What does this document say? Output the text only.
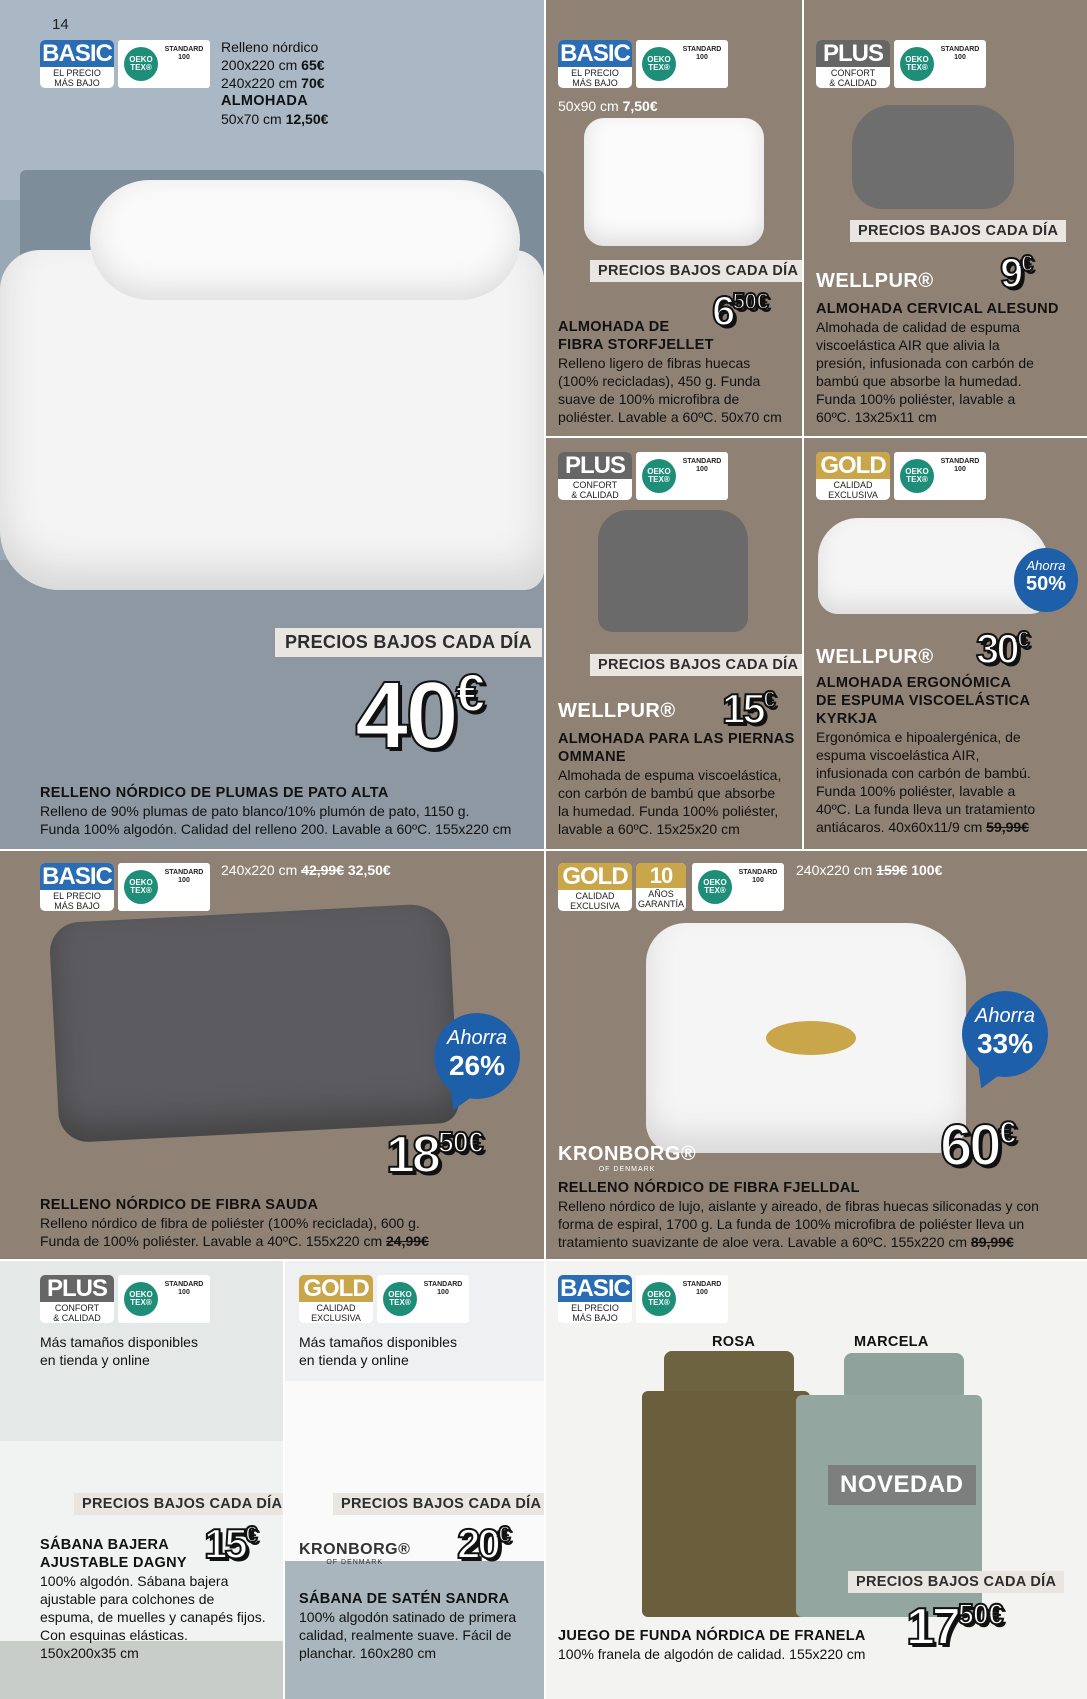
14
BASIC
EL PRECIO
MÁS BAJO
OEKO TEX®
STANDARD 100
Relleno nórdico
200x220 cm 65€
240x220 cm 70€
ALMOHADA
50x70 cm 12,50€
PRECIOS BAJOS CADA DÍA
40€
RELLENO NÓRDICO DE PLUMAS DE PATO ALTA
Relleno de 90% plumas de pato blanco/10% plumón de pato, 1150 g.
Funda 100% algodón. Calidad del relleno 200. Lavable a 60ºC. 155x220 cm
BASIC
EL PRECIO
MÁS BAJO
OEKO TEX®
STANDARD 100
50x90 cm 7,50€
PRECIOS BAJOS CADA DÍA
$6^{50€}$
ALMOHADA DE
FIBRA STORFJELLET
Relleno ligero de fibras huecas
(100% recicladas), 450 g. Funda
suave de 100% microfibra de
poliéster. Lavable a 60ºC. 50x70 cm
PLUS
CONFORT
& CALIDAD
OEKO TEX®
STANDARD 100
PRECIOS BAJOS CADA DÍA
WELLPUR® 9€
ALMOHADA CERVICAL ALESUND
Almohada de calidad de espuma
viscoelástica AIR que alivia la
presión, infusionada con carbón de
bambú que absorbe la humedad.
Funda 100% poliéster, lavable a
60ºC. 13x25x11 cm
PLUS
CONFORT
& CALIDAD
OEKO TEX®
STANDARD 100
PRECIOS BAJOS CADA DÍA
WELLPUR® 15€
ALMOHADA PARA LAS PIERNAS
OMMANE
Almohada de espuma viscoelástica,
con carbón de bambú que absorbe
la humedad. Funda 100% poliéster,
lavable a 60ºC. 15x25x20 cm
GOLD
CALIDAD
EXCLUSIVA
OEKO TEX®
STANDARD 100
Ahorra
50%
WELLPUR® 30€
ALMOHADA ERGONÓMICA
DE ESPUMA VISCOELÁSTICA
KYRKJA
Ergonómica e hipoalergénica, de
espuma viscoelástica AIR,
infusionada con carbón de bambú.
Funda 100% poliéster, lavable a
40ºC. La funda lleva un tratamiento
antiácaros. 40x60x11/9 cm 59,99€
BASIC
EL PRECIO
MÁS BAJO
OEKO TEX®
STANDARD 100
240x220 cm 42,99€ 32,50€
Ahorra
26%
$18^{50€}$
RELLENO NÓRDICO DE FIBRA SAUDA
Relleno nórdico de fibra de poliéster (100% reciclada), 600 g.
Funda de 100% poliéster. Lavable a 40ºC. 155x220 cm 24,99€
GOLD
CALIDAD
EXCLUSIVA
10
AÑOS
GARANTÍA
OEKO TEX®
STANDARD 100
240x220 cm 159€ 100€
Ahorra
33%
KRONBORG®
OF DENMARK	60€
RELLENO NÓRDICO DE FIBRA FJELLDAL
Relleno nórdico de lujo, aislante y aireado, de fibras huecas siliconadas y con
forma de espiral, 1700 g. La funda de 100% microfibra de poliéster lleva un
tratamiento suavizante de aloe vera. Lavable a 60ºC. 155x220 cm 89,99€
PLUS
CONFORT
& CALIDAD
OEKO TEX®
STANDARD 100
Más tamaños disponibles
en tienda y online
PRECIOS BAJOS CADA DÍA
15€
SÁBANA BAJERA
AJUSTABLE DAGNY
100% algodón. Sábana bajera
ajustable para colchones de
espuma, de muelles y canapés fijos.
Con esquinas elásticas.
150x200x35 cm
GOLD
CALIDAD
EXCLUSIVA
OEKO TEX®
STANDARD 100
Más tamaños disponibles
en tienda y online
PRECIOS BAJOS CADA DÍA
KRONBORG®
OF DENMARK	20€
SÁBANA DE SATÉN SANDRA
100% algodón satinado de primera
calidad, realmente suave. Fácil de
planchar. 160x280 cm
BASIC
EL PRECIO
MÁS BAJO
OEKO TEX®
STANDARD 100
ROSA	MARCELA
NOVEDAD
PRECIOS BAJOS CADA DÍA
$17^{50€}$
JUEGO DE FUNDA NÓRDICA DE FRANELA
100% franela de algodón de calidad. 155x220 cm
